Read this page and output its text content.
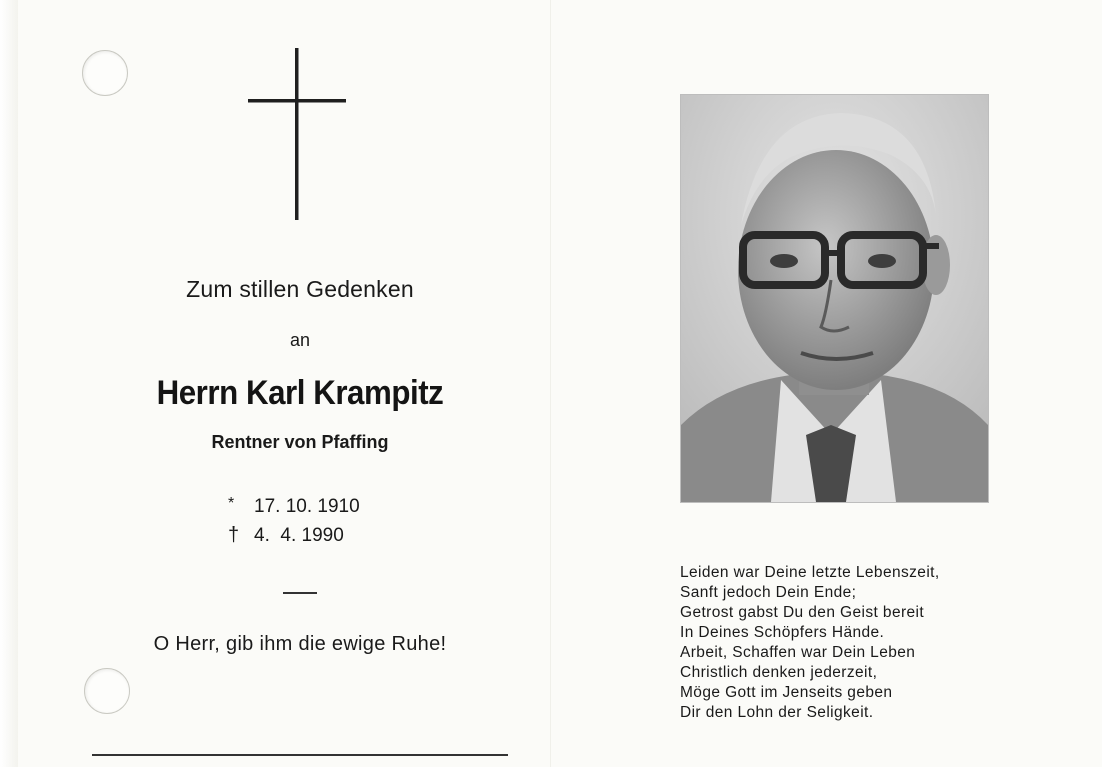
Zum stillen Gedenken
an
Herrn Karl Krampitz
Rentner von Pfaffing
* 17. 10. 1910
† 4.  4. 1990
O Herr, gib ihm die ewige Ruhe!
Leiden war Deine letzte Lebenszeit,
Sanft jedoch Dein Ende;
Getrost gabst Du den Geist bereit
In Deines Schöpfers Hände.
Arbeit, Schaffen war Dein Leben
Christlich denken jederzeit,
Möge Gott im Jenseits geben
Dir den Lohn der Seligkeit.
